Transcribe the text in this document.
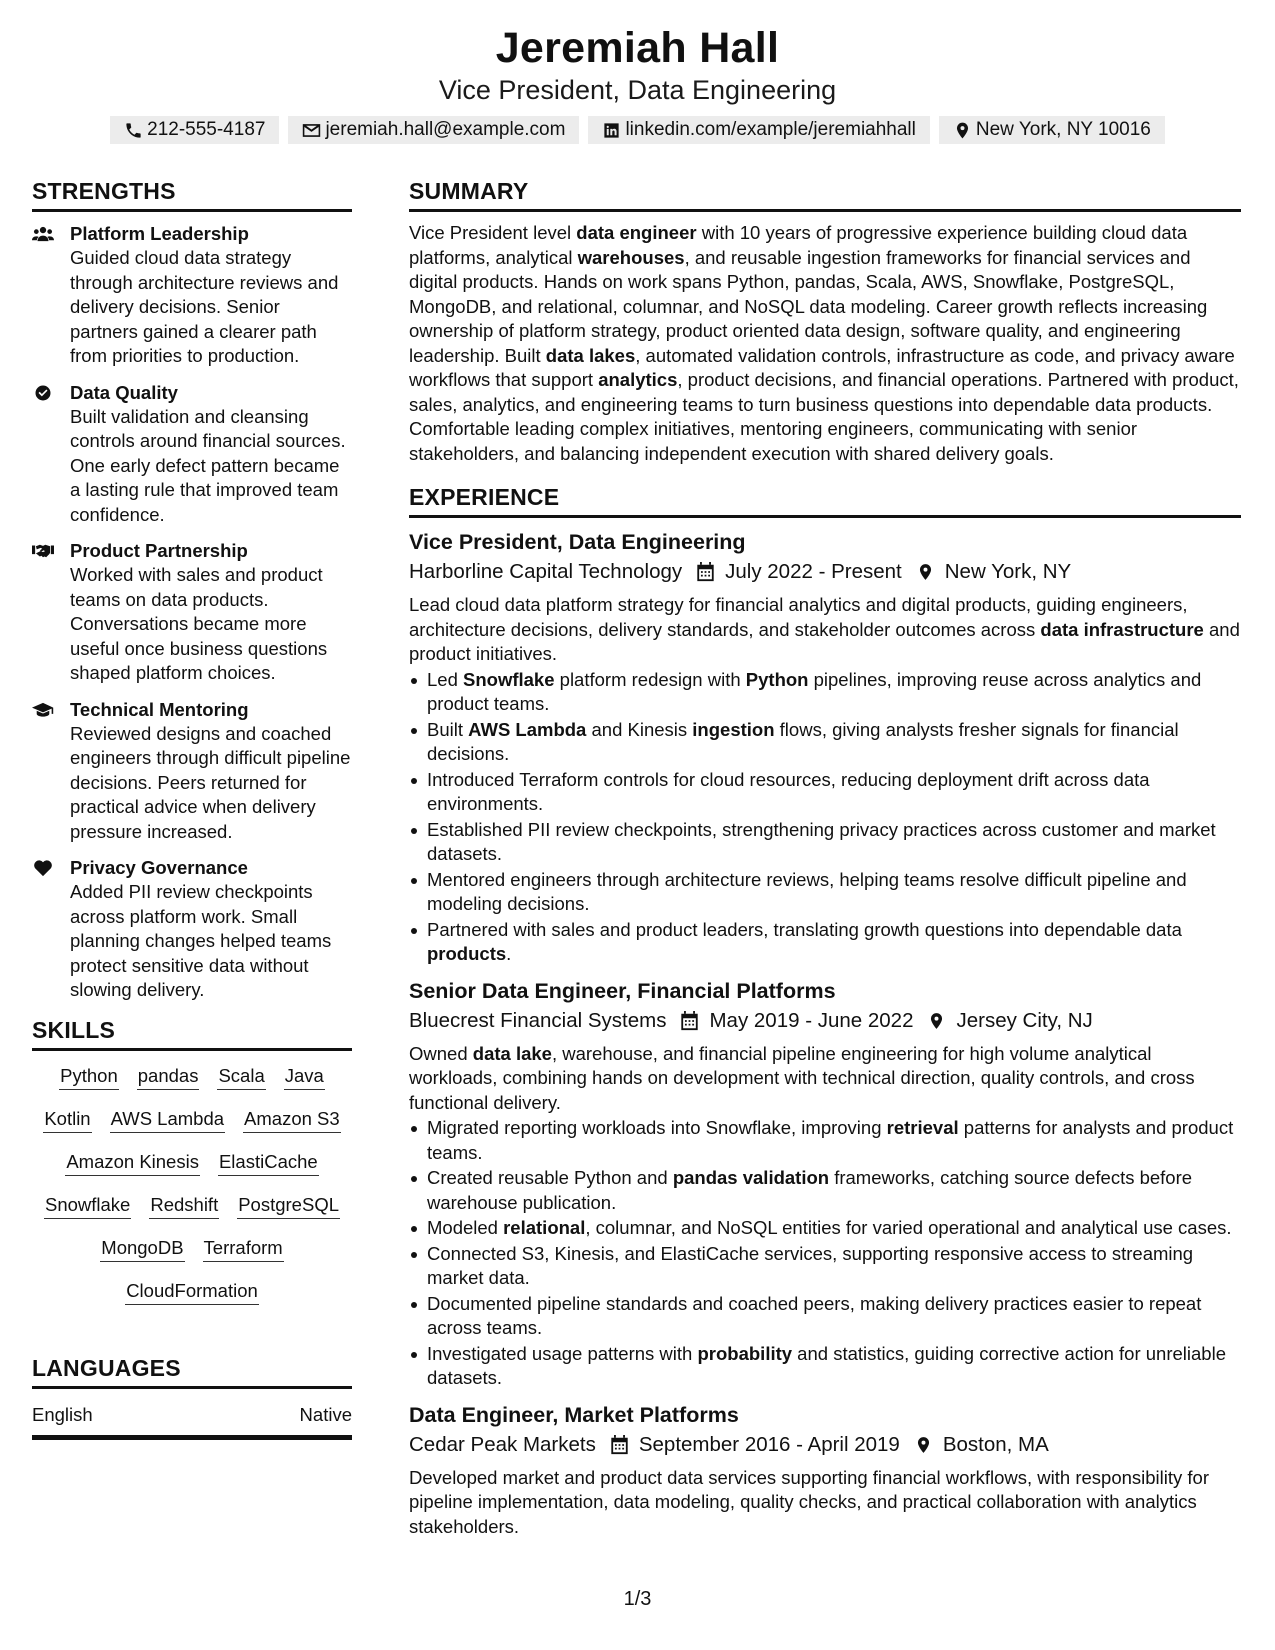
Jeremiah Hall
Vice President, Data Engineering
212-555-4187	jeremiah.hall@example.com	linkedin.com/example/jeremiahhall	New York, NY 10016
STRENGTHS
Platform Leadership
Guided cloud data strategy through architecture reviews and delivery decisions. Senior partners gained a clearer path from priorities to production.
Data Quality
Built validation and cleansing controls around financial sources. One early defect pattern became a lasting rule that improved team confidence.
Product Partnership
Worked with sales and product teams on data products. Conversations became more useful once business questions shaped platform choices.
Technical Mentoring
Reviewed designs and coached engineers through difficult pipeline decisions. Peers returned for practical advice when delivery pressure increased.
Privacy Governance
Added PII review checkpoints across platform work. Small planning changes helped teams protect sensitive data without slowing delivery.
SKILLS
Python pandas Scala Java
Kotlin AWS Lambda Amazon S3
Amazon Kinesis ElastiCache
Snowflake Redshift PostgreSQL
MongoDB Terraform
CloudFormation
LANGUAGES
English	Native
SUMMARY
Vice President level data engineer with 10 years of progressive experience building cloud data platforms, analytical warehouses, and reusable ingestion frameworks for financial services and digital products. Hands on work spans Python, pandas, Scala, AWS, Snowflake, PostgreSQL, MongoDB, and relational, columnar, and NoSQL data modeling. Career growth reflects increasing ownership of platform strategy, product oriented data design, software quality, and engineering leadership. Built data lakes, automated validation controls, infrastructure as code, and privacy aware workflows that support analytics, product decisions, and financial operations. Partnered with product, sales, analytics, and engineering teams to turn business questions into dependable data products. Comfortable leading complex initiatives, mentoring engineers, communicating with senior stakeholders, and balancing independent execution with shared delivery goals.
EXPERIENCE
Vice President, Data Engineering
Harborline Capital Technology July 2022 - Present New York, NY
Lead cloud data platform strategy for financial analytics and digital products, guiding engineers, architecture decisions, delivery standards, and stakeholder outcomes across data infrastructure and product initiatives.
Led Snowflake platform redesign with Python pipelines, improving reuse across analytics and product teams.
Built AWS Lambda and Kinesis ingestion flows, giving analysts fresher signals for financial decisions.
Introduced Terraform controls for cloud resources, reducing deployment drift across data environments.
Established PII review checkpoints, strengthening privacy practices across customer and market datasets.
Mentored engineers through architecture reviews, helping teams resolve difficult pipeline and modeling decisions.
Partnered with sales and product leaders, translating growth questions into dependable data products.
Senior Data Engineer, Financial Platforms
Bluecrest Financial Systems May 2019 - June 2022 Jersey City, NJ
Owned data lake, warehouse, and financial pipeline engineering for high volume analytical workloads, combining hands on development with technical direction, quality controls, and cross functional delivery.
Migrated reporting workloads into Snowflake, improving retrieval patterns for analysts and product teams.
Created reusable Python and pandas validation frameworks, catching source defects before warehouse publication.
Modeled relational, columnar, and NoSQL entities for varied operational and analytical use cases.
Connected S3, Kinesis, and ElastiCache services, supporting responsive access to streaming market data.
Documented pipeline standards and coached peers, making delivery practices easier to repeat across teams.
Investigated usage patterns with probability and statistics, guiding corrective action for unreliable datasets.
Data Engineer, Market Platforms
Cedar Peak Markets September 2016 - April 2019 Boston, MA
Developed market and product data services supporting financial workflows, with responsibility for pipeline implementation, data modeling, quality checks, and practical collaboration with analytics stakeholders.
1/3
